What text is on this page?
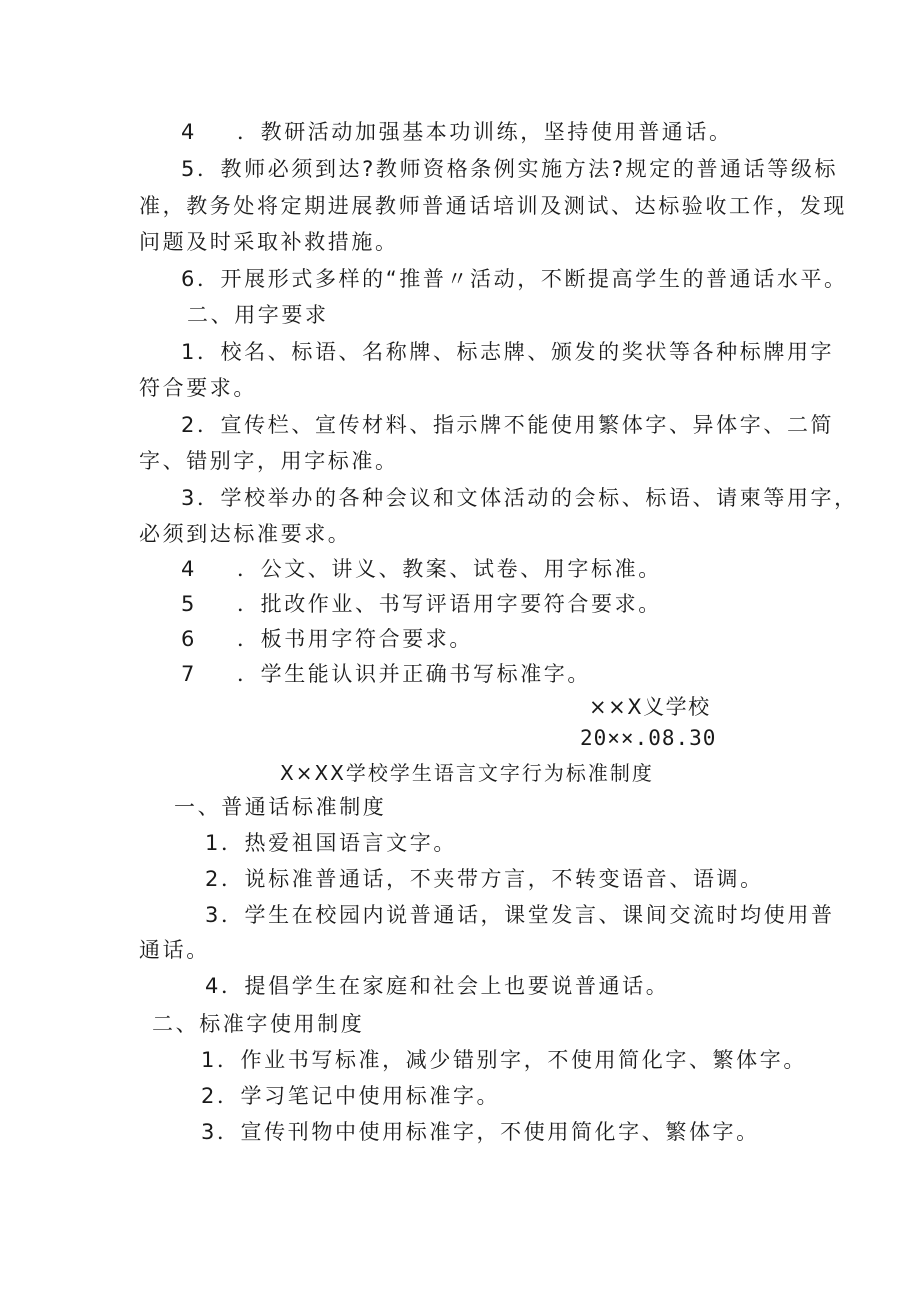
4 ．教研活动加强基本功训练，坚持使用普通话。
5．教师必须到达?教师资格条例实施方法?规定的普通话等级标
准，教务处将定期进展教师普通话培训及测试、达标验收工作，发现
问题及时采取补救措施。
6．开展形式多样的“推普〃活动，不断提高学生的普通话水平。
二、用字要求
1．校名、标语、名称牌、标志牌、颁发的奖状等各种标牌用字
符合要求。
2．宣传栏、宣传材料、指示牌不能使用繁体字、异体字、二简
字、错别字，用字标准。
3．学校举办的各种会议和文体活动的会标、标语、请柬等用字，
必须到达标准要求。
4 ．公文、讲义、教案、试卷、用字标准。
5 ．批改作业、书写评语用字要符合要求。
6 ．板书用字符合要求。
7 ．学生能认识并正确书写标准字。
××X义学校
20××.08.30
X×XX学校学生语言文字行为标准制度
一、普通话标准制度
1．热爱祖国语言文字。
2．说标准普通话，不夹带方言，不转变语音、语调。
3．学生在校园内说普通话，课堂发言、课间交流时均使用普
通话。
4．提倡学生在家庭和社会上也要说普通话。
二、标准字使用制度
1．作业书写标准，减少错别字，不使用简化字、繁体字。
2．学习笔记中使用标准字。
3．宣传刊物中使用标准字，不使用简化字、繁体字。
